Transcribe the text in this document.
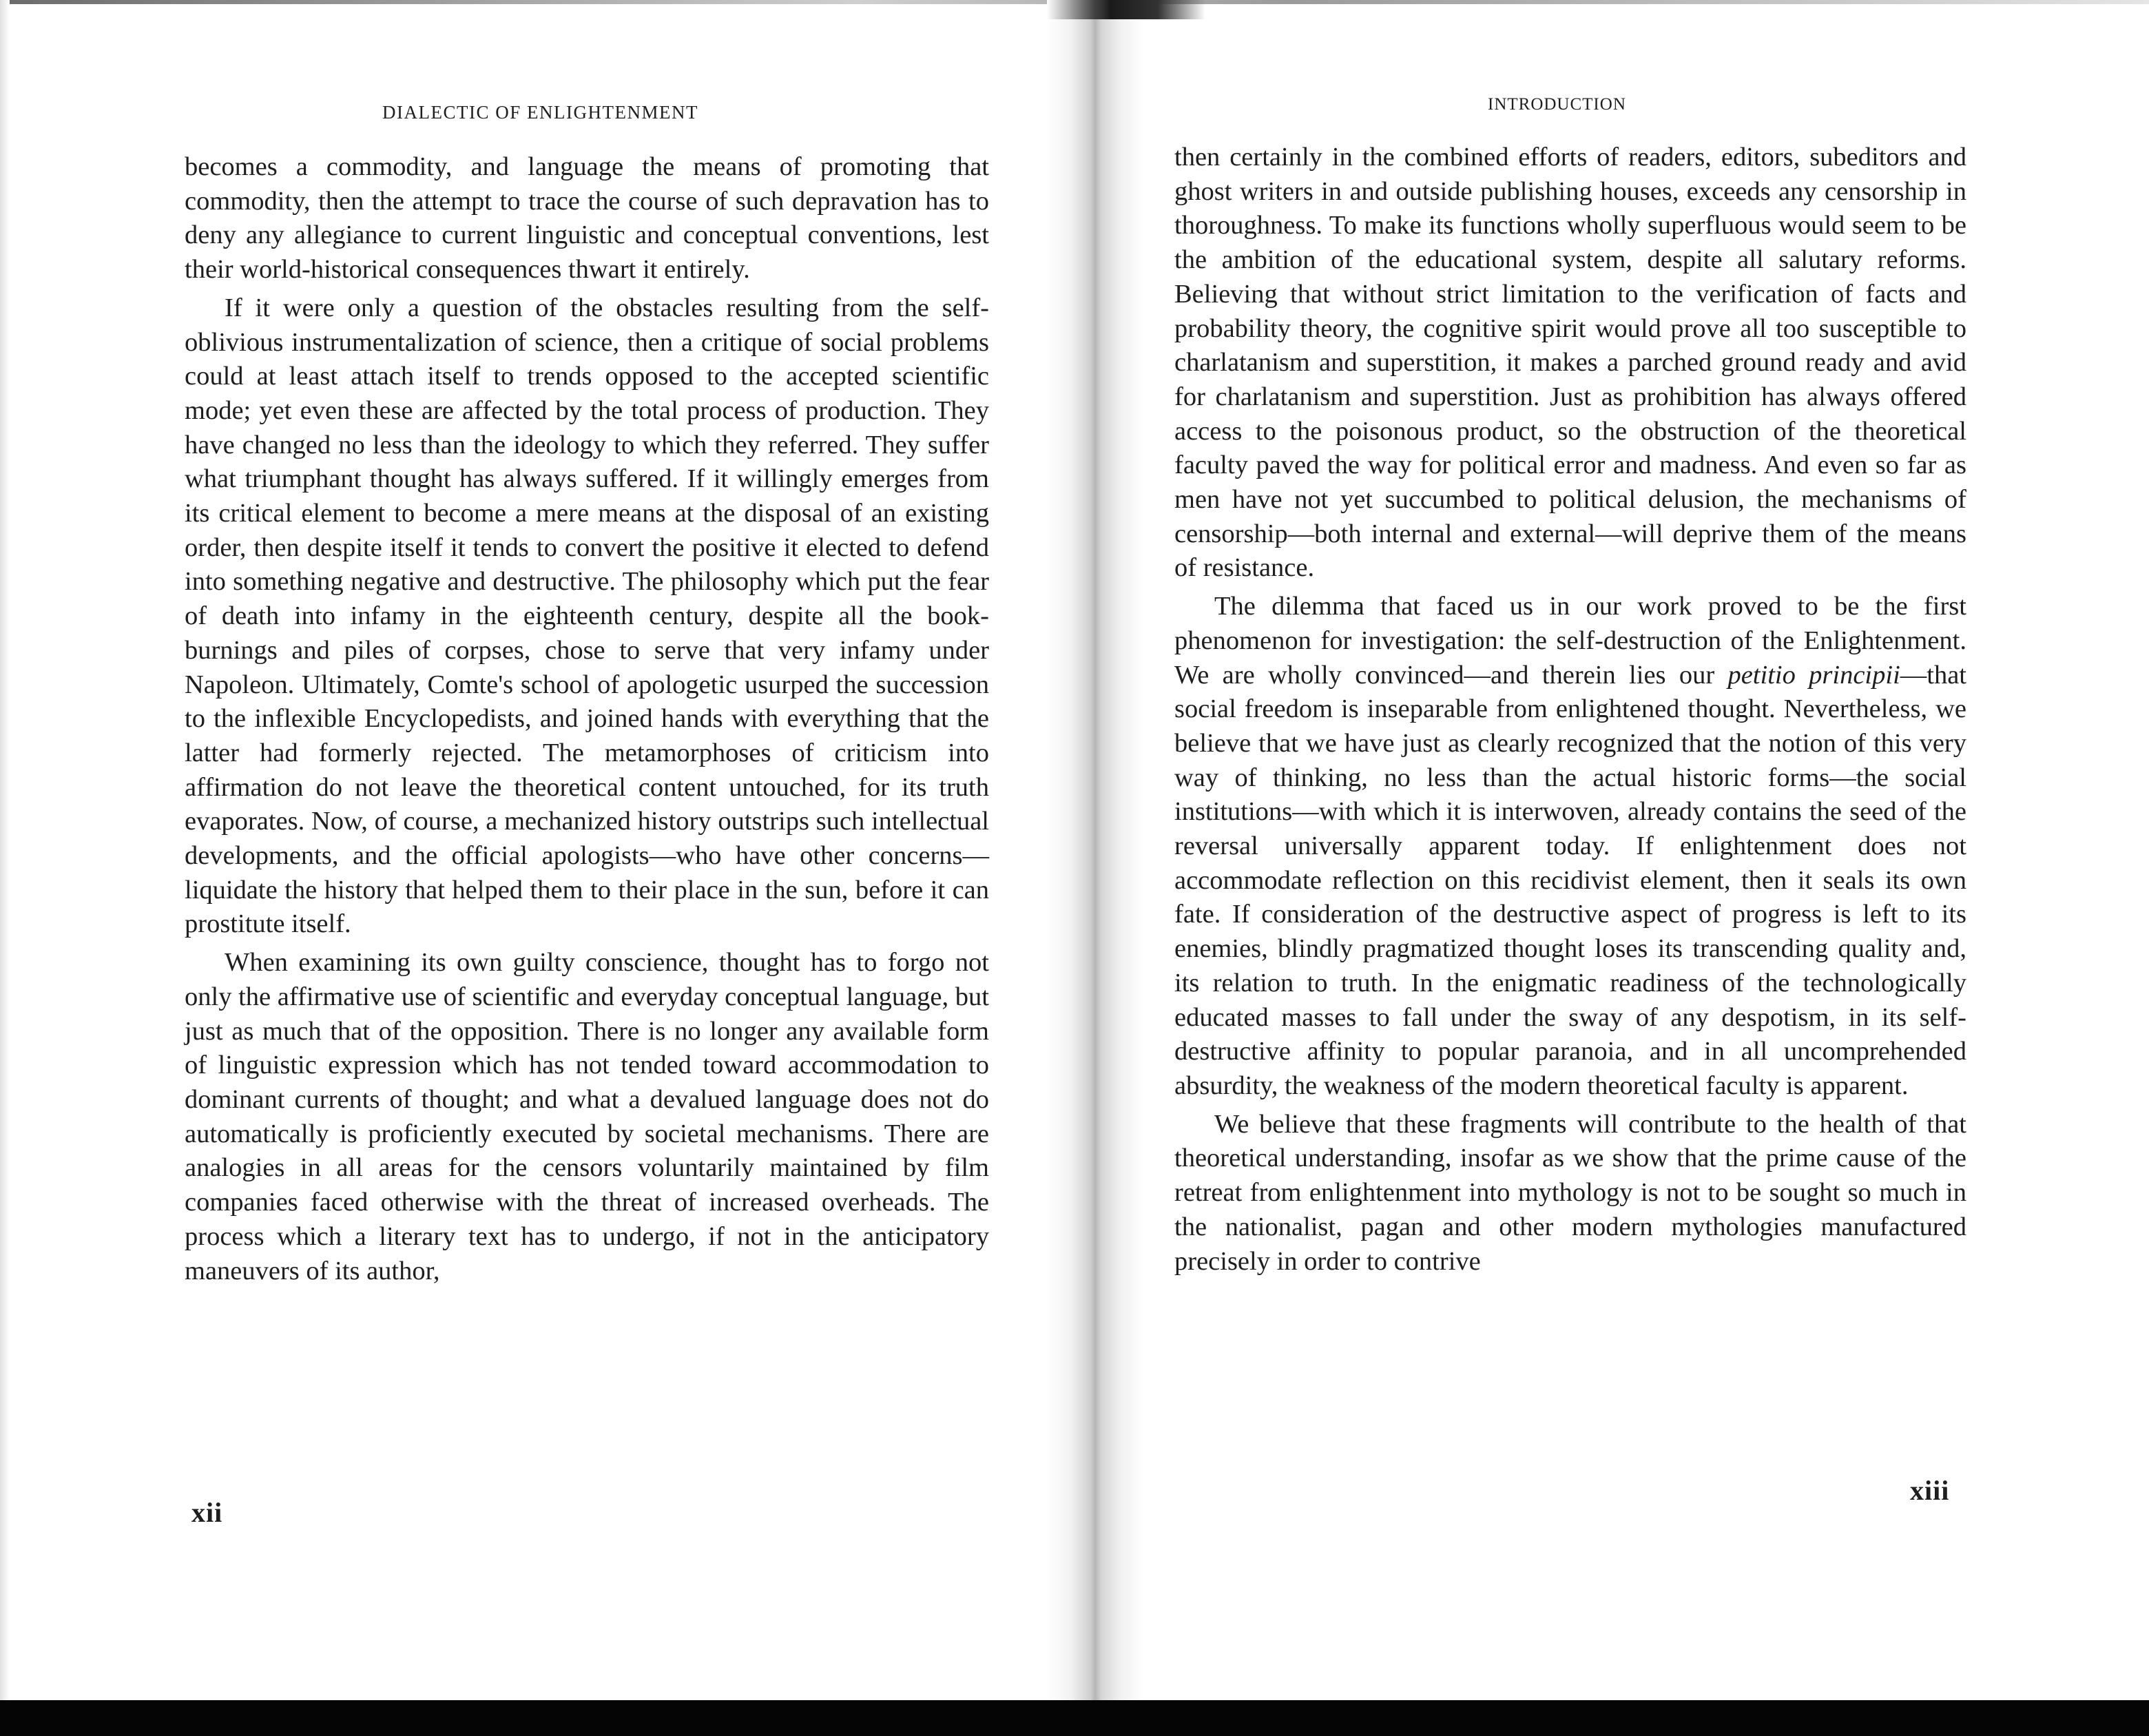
DIALECTIC OF ENLIGHTENMENT

becomes a commodity, and language the means of promoting that commodity, then the attempt to trace the course of such depravation has to deny any allegiance to current linguistic and conceptual conventions, lest their world-historical consequences thwart it entirely.

If it were only a question of the obstacles resulting from the self-oblivious instrumentalization of science, then a critique of social problems could at least attach itself to trends opposed to the accepted scientific mode; yet even these are affected by the total process of production. They have changed no less than the ideology to which they referred. They suffer what triumphant thought has always suffered. If it willingly emerges from its critical element to become a mere means at the disposal of an existing order, then despite itself it tends to convert the positive it elected to defend into something negative and destructive. The philosophy which put the fear of death into infamy in the eighteenth century, despite all the book-burnings and piles of corpses, chose to serve that very infamy under Napoleon. Ultimately, Comte's school of apologetic usurped the succession to the inflexible Encyclopedists, and joined hands with everything that the latter had formerly rejected. The metamorphoses of criticism into affirmation do not leave the theoretical content untouched, for its truth evaporates. Now, of course, a mechanized history outstrips such intellectual developments, and the official apologists—who have other concerns—liquidate the history that helped them to their place in the sun, before it can prostitute itself.

When examining its own guilty conscience, thought has to forgo not only the affirmative use of scientific and everyday conceptual language, but just as much that of the opposition. There is no longer any available form of linguistic expression which has not tended toward accommodation to dominant currents of thought; and what a devalued language does not do automatically is proficiently executed by societal mechanisms. There are analogies in all areas for the censors voluntarily maintained by film companies faced otherwise with the threat of increased overheads. The process which a literary text has to undergo, if not in the anticipatory maneuvers of its author,

xii
INTRODUCTION

then certainly in the combined efforts of readers, editors, subeditors and ghost writers in and outside publishing houses, exceeds any censorship in thoroughness. To make its functions wholly superfluous would seem to be the ambition of the educational system, despite all salutary reforms. Believing that without strict limitation to the verification of facts and probability theory, the cognitive spirit would prove all too susceptible to charlatanism and superstition, it makes a parched ground ready and avid for charlatanism and superstition. Just as prohibition has always offered access to the poisonous product, so the obstruction of the theoretical faculty paved the way for political error and madness. And even so far as men have not yet succumbed to political delusion, the mechanisms of censorship—both internal and external—will deprive them of the means of resistance.

The dilemma that faced us in our work proved to be the first phenomenon for investigation: the self-destruction of the Enlightenment. We are wholly convinced—and therein lies our petitio principii—that social freedom is inseparable from enlightened thought. Nevertheless, we believe that we have just as clearly recognized that the notion of this very way of thinking, no less than the actual historic forms—the social institutions—with which it is interwoven, already contains the seed of the reversal universally apparent today. If enlightenment does not accommodate reflection on this recidivist element, then it seals its own fate. If consideration of the destructive aspect of progress is left to its enemies, blindly pragmatized thought loses its transcending quality and, its relation to truth. In the enigmatic readiness of the technologically educated masses to fall under the sway of any despotism, in its self-destructive affinity to popular paranoia, and in all uncomprehended absurdity, the weakness of the modern theoretical faculty is apparent.

We believe that these fragments will contribute to the health of that theoretical understanding, insofar as we show that the prime cause of the retreat from enlightenment into mythology is not to be sought so much in the nationalist, pagan and other modern mythologies manufactured precisely in order to contrive

xiii
